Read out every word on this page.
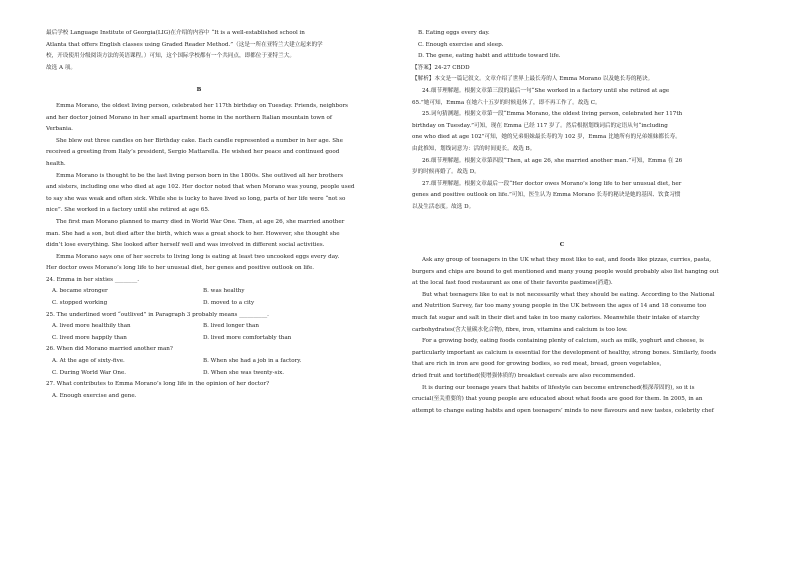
最后学校 Language Institute of Georgia(LIG)在介绍的内容中 “It is a well-established school in

Atlanta that offers English classes using Graded Reader Method.”（这是一所在亚特兰大建立起来的学

校，开设使用分级阅读方法的英语课程。）可知，这个国际学校都有一个共同点，即都位于亚特兰大。

故选 A 项。

B

Emma Morano, the oldest living person, celebrated her 117th birthday on Tuesday. Friends, neighbors

and her doctor joined Morano in her small apartment home in the northern Italian mountain town of

Verbania.

She blew out three candles on her Birthday cake. Each candle represented a number in her age. She

received a greeting from Italy’s president, Sergio Mattarella. He wished her peace and continued good

health.

Emma Morano is thought to be the last living person born in the 1800s. She outlived all her brothers

and sisters, including one who died at age 102. Her doctor noted that when Morano was young, people used

to say she was weak and often sick. While she is lucky to have lived so long, parts of her life were “not so

nice”. She worked in a factory until she retired at age 65.

The first man Morano planned to marry died in World War One. Then, at age 26, she married another

man. She had a son, but died after the birth, which was a great shock to her. However, she thought she

didn’t lose everything. She looked after herself well and was involved in different social activities.

Emma Morano says one of her secrets to living long is eating at least two uncooked eggs every day.

Her doctor owes Morano’s long life to her unusual diet, her genes and positive outlook on life.

24. Emma in her sixties ________.

A. became stronger	B. was healthy

C. stopped working	D. moved to a city

25. The underlined word “outlived” in Paragraph 3 probably means __________.

A. lived more healthily than	B. lived longer than

C. lived more happily than	D. lived more comfortably than

26. When did Morano married another man?

A. At the age of sixty-five.	B. When she had a job in a factory.

C. During World War One.	D. When she was twenty-six.

27. What contributes to Emma Morano’s long life in the opinion of her doctor?

A. Enough exercise and gene.

B. Eating eggs every day.

C. Enough exercise and sleep.

D. The gene, eating habit and attitude toward life.

【答案】24-27 CBDD

【解析】本文是一篇记叙文。文章介绍了世界上最长寿的人 Emma Morano 以及她长寿的秘诀。

24.细节理解题。根据文章第三段的最后一句“She worked in a factory until she retired at age

65.”她可知，Emma 在她六十五岁的时候退休了，即不再工作了。故选 C。

25.词句猜测题。根据文章第一段“Emma Morano, the oldest living person, celebrated her 117th

birthday on Tuesday.”可知，现在 Emma 已经 117 岁了。然后根据划线词后的定语从句“including

one who died at age 102”可知，她的兄弟姐妹最长寿的为 102 岁，Emma 比她所有的兄弟姐妹都长寿。

由此推知，划线词意为：活的时间更长。故选 B。

26.细节理解题。根据文章第四段“Then, at age 26, she married another man.”可知，Emma 在 26

岁的时候再婚了。故选 D。

27.细节理解题。根据文章最后一段“Her doctor owes Morano’s long life to her unusual diet, her

genes and positive outlook on life.”可知，医生认为 Emma Morano 长寿的秘诀是她的基因、饮食习惯

以及生活态度。故选 D。

C

Ask any group of teenagers in the UK what they most like to eat, and foods like pizzas, curries, pasta,

burgers and chips are bound to get mentioned and many young people would probably also list hanging out

at the local fast food restaurant as one of their favorite pastimes(消遣).

But what teenagers like to eat is not necessarily what they should be eating. According to the National

and Nutrition Survey, far too many young people in the UK between the ages of 14 and 18 consume too

much fat sugar and salt in their diet and take in too many calories. Meanwhile their intake of starchy

carbohydrates(含大量碳水化合物), fibre, iron, vitamins and calcium is too low.

For a growing body, eating foods containing plenty of calcium, such as milk, yoghurt and cheese, is

particularly important as calcium is essential for the development of healthy, strong bones. Similarly, foods

that are rich in iron are good for growing bodies, so red meat, bread, green vegetables,

dried fruit and tortified(使增强体质的) breakfast cereals are also recommended.

It is during our teenage years that habits of lifestyle can become entrenched(根深蒂固的), so it is

crucial(至关重要的) that young people are educated about what foods are good for them. In 2005, in an

attempt to change eating habits and open teenagers’ minds to new flavours and new tastes, celebrity chef
